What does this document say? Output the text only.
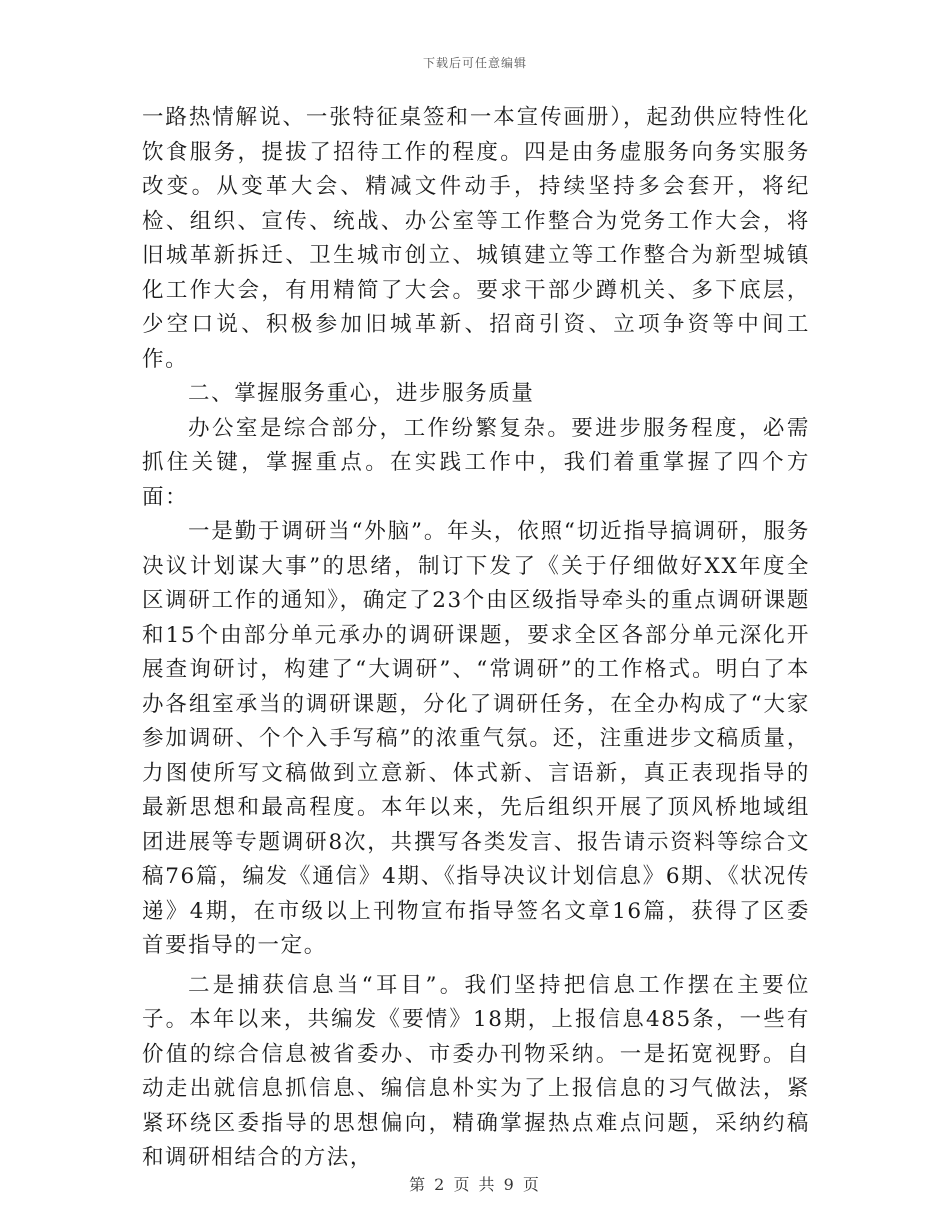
下载后可任意编辑

一路热情解说、一张特征桌签和一本宣传画册），起劲供应特性化饮食服务，提拔了招待工作的程度。四是由务虚服务向务实服务改变。从变革大会、精减文件动手，持续坚持多会套开，将纪检、组织、宣传、统战、办公室等工作整合为党务工作大会，将旧城革新拆迁、卫生城市创立、城镇建立等工作整合为新型城镇化工作大会，有用精简了大会。要求干部少蹲机关、多下底层，少空口说、积极参加旧城革新、招商引资、立项争资等中间工作。

二、掌握服务重心，进步服务质量

办公室是综合部分，工作纷繁复杂。要进步服务程度，必需抓住关键，掌握重点。在实践工作中，我们着重掌握了四个方面：

一是勤于调研当“外脑”。年头，依照“切近指导搞调研，服务决议计划谋大事”的思绪，制订下发了《关于仔细做好XX年度全区调研工作的通知》，确定了23个由区级指导牵头的重点调研课题和15个由部分单元承办的调研课题，要求全区各部分单元深化开展查询研讨，构建了“大调研”、“常调研”的工作格式。明白了本办各组室承当的调研课题，分化了调研任务，在全办构成了“大家参加调研、个个入手写稿”的浓重气氛。还，注重进步文稿质量，力图使所写文稿做到立意新、体式新、言语新，真正表现指导的最新思想和最高程度。本年以来，先后组织开展了顶风桥地域组团进展等专题调研8次，共撰写各类发言、报告请示资料等综合文稿76篇，编发《通信》4期、《指导决议计划信息》6期、《状况传递》4期，在市级以上刊物宣布指导签名文章16篇，获得了区委首要指导的一定。

二是捕获信息当“耳目”。我们坚持把信息工作摆在主要位子。本年以来，共编发《要情》18期，上报信息485条，一些有价值的综合信息被省委办、市委办刊物采纳。一是拓宽视野。自动走出就信息抓信息、编信息朴实为了上报信息的习气做法，紧紧环绕区委指导的思想偏向，精确掌握热点难点问题，采纳约稿和调研相结合的方法，

第 2 页 共 9 页
